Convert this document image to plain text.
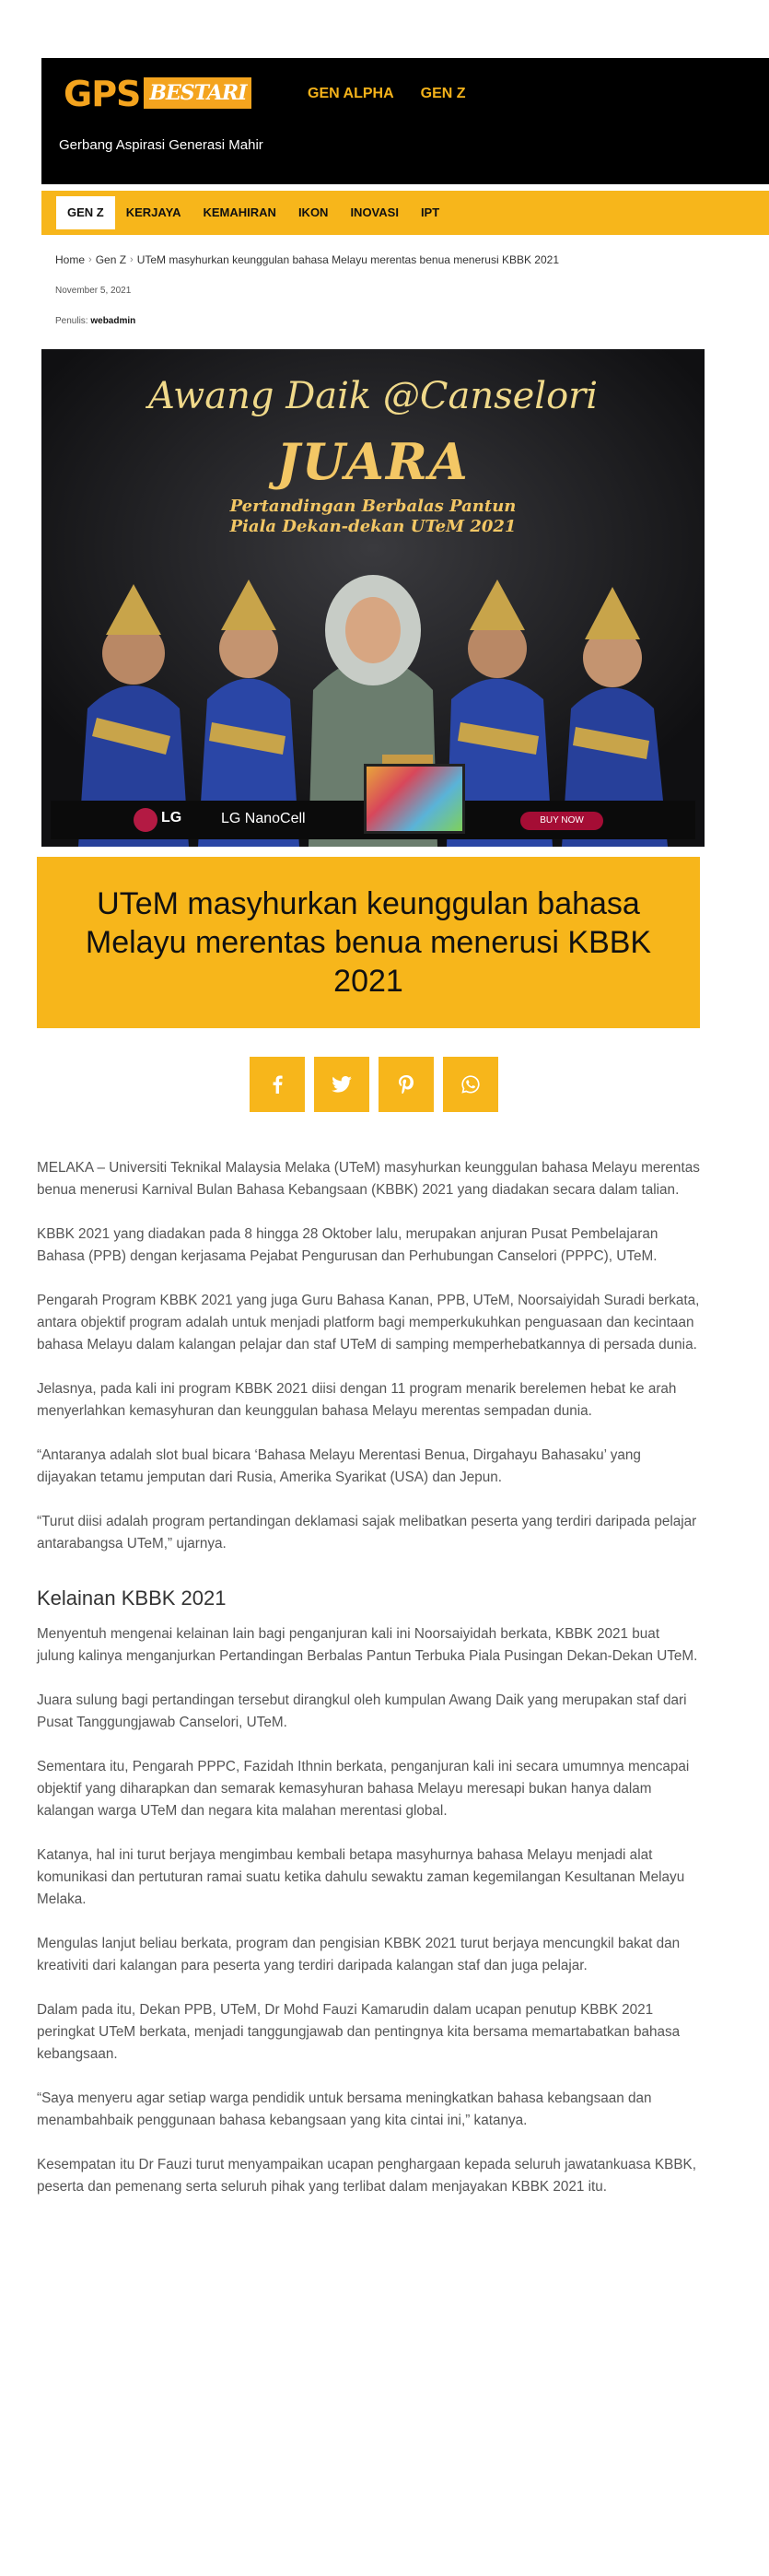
GPS BESTARI
Gerbang Aspirasi Generasi Mahir
GEN ALPHA GEN Z
GEN Z	KERJAYA	KEMAHIRAN	IKON	INOVASI	IPT
Home › Gen Z › UTeM masyhurkan keunggulan bahasa Melayu merentas benua menerusi KBBK 2021
November 5, 2021
Penulis: webadmin
Awang Daik @Canselori
JUARA
Pertandingan Berbalas Pantun
Piala Dekan-dekan UTeM 2021
LG	LG NanoCell	BUY NOW
UTeM masyhurkan keunggulan bahasa Melayu merentas benua menerusi KBBK 2021

MELAKA – Universiti Teknikal Malaysia Melaka (UTeM) masyhurkan keunggulan bahasa Melayu merentas benua menerusi Karnival Bulan Bahasa Kebangsaan (KBBK) 2021 yang diadakan secara dalam talian.

KBBK 2021 yang diadakan pada 8 hingga 28 Oktober lalu, merupakan anjuran Pusat Pembelajaran Bahasa (PPB) dengan kerjasama Pejabat Pengurusan dan Perhubungan Canselori (PPPC), UTeM.

Pengarah Program KBBK 2021 yang juga Guru Bahasa Kanan, PPB, UTeM, Noorsaiyidah Suradi berkata, antara objektif program adalah untuk menjadi platform bagi memperkukuhkan penguasaan dan kecintaan bahasa Melayu dalam kalangan pelajar dan staf UTeM di samping memperhebatkannya di persada dunia.

Jelasnya, pada kali ini program KBBK 2021 diisi dengan 11 program menarik berelemen hebat ke arah menyerlahkan kemasyhuran dan keunggulan bahasa Melayu merentas sempadan dunia.

“Antaranya adalah slot bual bicara ‘Bahasa Melayu Merentasi Benua, Dirgahayu Bahasaku’ yang dijayakan tetamu jemputan dari Rusia, Amerika Syarikat (USA) dan Jepun.

“Turut diisi adalah program pertandingan deklamasi sajak melibatkan peserta yang terdiri daripada pelajar antarabangsa UTeM,” ujarnya.

Kelainan KBBK 2021

Menyentuh mengenai kelainan lain bagi penganjuran kali ini Noorsaiyidah berkata, KBBK 2021 buat julung kalinya menganjurkan Pertandingan Berbalas Pantun Terbuka Piala Pusingan Dekan-Dekan UTeM.

Juara sulung bagi pertandingan tersebut dirangkul oleh kumpulan Awang Daik yang merupakan staf dari Pusat Tanggungjawab Canselori, UTeM.

Sementara itu, Pengarah PPPC, Fazidah Ithnin berkata, penganjuran kali ini secara umumnya mencapai objektif yang diharapkan dan semarak kemasyhuran bahasa Melayu meresapi bukan hanya dalam kalangan warga UTeM dan negara kita malahan merentasi global.

Katanya, hal ini turut berjaya mengimbau kembali betapa masyhurnya bahasa Melayu menjadi alat komunikasi dan pertuturan ramai suatu ketika dahulu sewaktu zaman kegemilangan Kesultanan Melayu Melaka.

Mengulas lanjut beliau berkata, program dan pengisian KBBK 2021 turut berjaya mencungkil bakat dan kreativiti dari kalangan para peserta yang terdiri daripada kalangan staf dan juga pelajar.

Dalam pada itu, Dekan PPB, UTeM, Dr Mohd Fauzi Kamarudin dalam ucapan penutup KBBK 2021 peringkat UTeM berkata, menjadi tanggungjawab dan pentingnya kita bersama memartabatkan bahasa kebangsaan.

“Saya menyeru agar setiap warga pendidik untuk bersama meningkatkan bahasa kebangsaan dan menambahbaik penggunaan bahasa kebangsaan yang kita cintai ini,” katanya.

Kesempatan itu Dr Fauzi turut menyampaikan ucapan penghargaan kepada seluruh jawatankuasa KBBK, peserta dan pemenang serta seluruh pihak yang terlibat dalam menjayakan KBBK 2021 itu.
